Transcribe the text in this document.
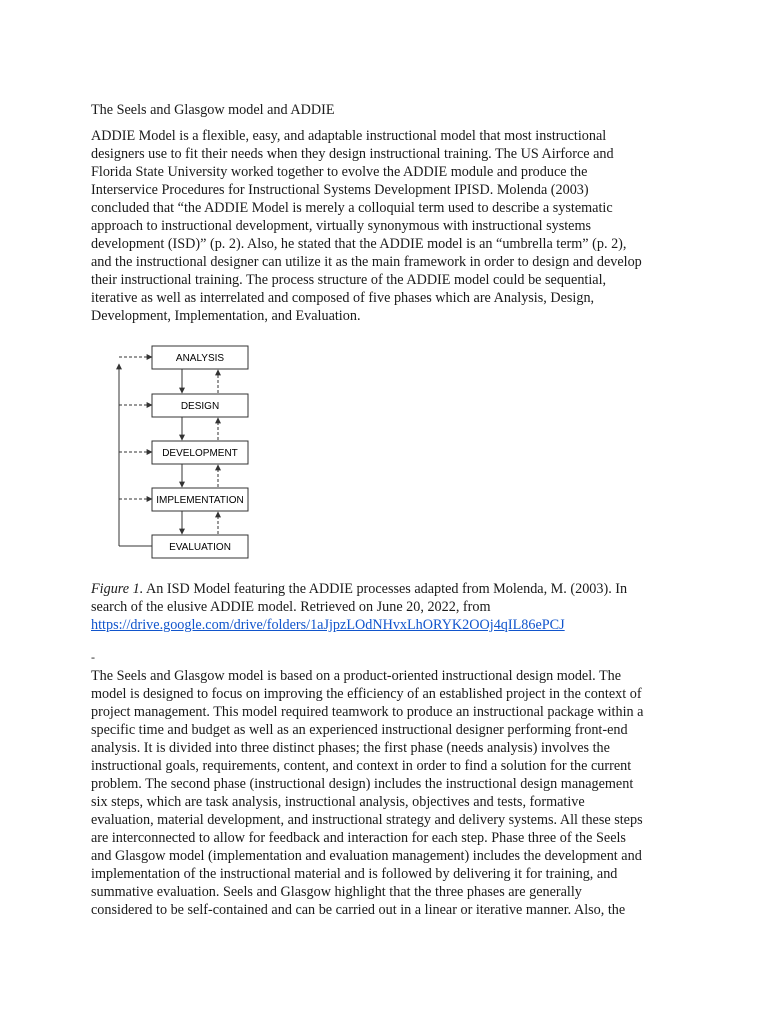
The Seels and Glasgow model and ADDIE
ADDIE Model is a flexible, easy, and adaptable instructional model that most instructional
designers use to fit their needs when they design instructional training. The US Airforce and
Florida State University worked together to evolve the ADDIE module and produce the
Interservice Procedures for Instructional Systems Development IPISD. Molenda (2003)
concluded that “the ADDIE Model is merely a colloquial term used to describe a systematic
approach to instructional development, virtually synonymous with instructional systems
development (ISD)” (p. 2). Also, he stated that the ADDIE model is an “umbrella term” (p. 2),
and the instructional designer can utilize it as the main framework in order to design and develop
their instructional training. The process structure of the ADDIE model could be sequential,
iterative as well as interrelated and composed of five phases which are Analysis, Design,
Development, Implementation, and Evaluation.
ANALYSIS
DESIGN
DEVELOPMENT
IMPLEMENTATION
EVALUATION
Figure 1. An ISD Model featuring the ADDIE processes adapted from Molenda, M. (2003). In
search of the elusive ADDIE model. Retrieved on June 20, 2022, from
https://drive.google.com/drive/folders/1aJjpzLOdNHvxLhORYK2OOj4qIL86ePCJ
-
The Seels and Glasgow model is based on a product-oriented instructional design model. The
model is designed to focus on improving the efficiency of an established project in the context of
project management. This model required teamwork to produce an instructional package within a
specific time and budget as well as an experienced instructional designer performing front-end
analysis. It is divided into three distinct phases; the first phase (needs analysis) involves the
instructional goals, requirements, content, and context in order to find a solution for the current
problem. The second phase (instructional design) includes the instructional design management
six steps, which are task analysis, instructional analysis, objectives and tests, formative
evaluation, material development, and instructional strategy and delivery systems. All these steps
are interconnected to allow for feedback and interaction for each step. Phase three of the Seels
and Glasgow model (implementation and evaluation management) includes the development and
implementation of the instructional material and is followed by delivering it for training, and
summative evaluation. Seels and Glasgow highlight that the three phases are generally
considered to be self-contained and can be carried out in a linear or iterative manner. Also, the
